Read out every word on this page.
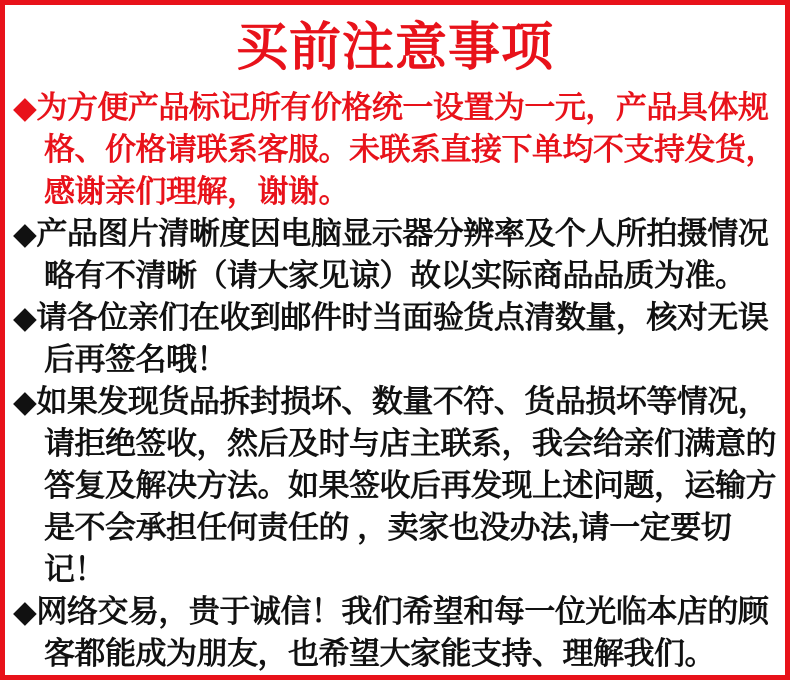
买前注意事项

◆为方便产品标记所有价格统一设置为一元，产品具体规格、价格请联系客服。未联系直接下单均不支持发货，感谢亲们理解，谢谢。

◆产品图片清晰度因电脑显示器分辨率及个人所拍摄情况略有不清晰（请大家见谅）故以实际商品品质为准。

◆请各位亲们在收到邮件时当面验货点清数量，核对无误后再签名哦！

◆如果发现货品拆封损坏、数量不符、货品损坏等情况，请拒绝签收，然后及时与店主联系，我会给亲们满意的答复及解决方法。如果签收后再发现上述问题，运输方是不会承担任何责任的 ，卖家也没办法,请一定要切记！

◆网络交易，贵于诚信！我们希望和每一位光临本店的顾客都能成为朋友，也希望大家能支持、理解我们。
